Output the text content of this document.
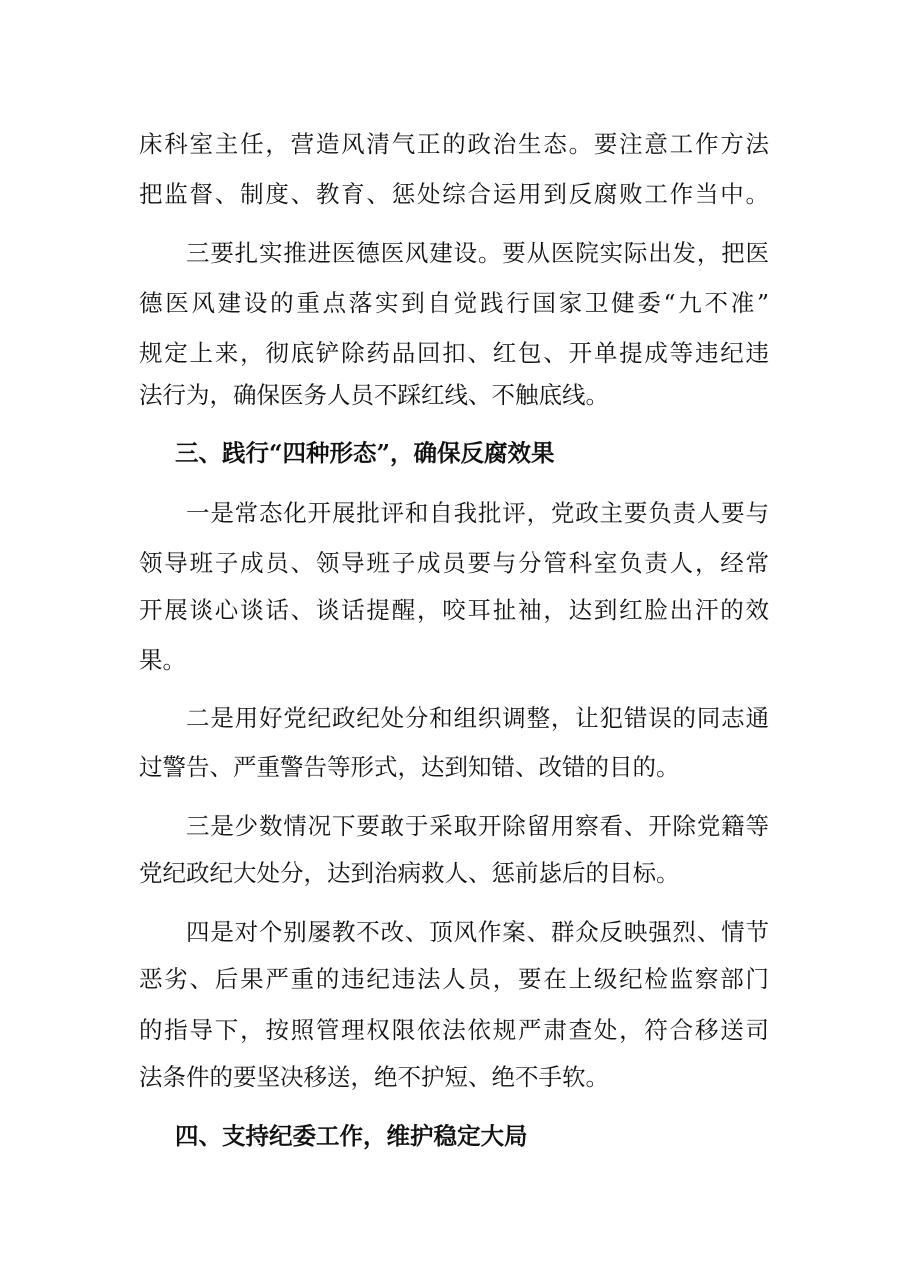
床科室主任，营造风清气正的政治生态。要注意工作方法
把监督、制度、教育、惩处综合运用到反腐败工作当中。
三要扎实推进医德医风建设。要从医院实际出发，把医
德医风建设的重点落实到自觉践行国家卫健委“九不准”
规定上来，彻底铲除药品回扣、红包、开单提成等违纪违
法行为，确保医务人员不踩红线、不触底线。
三、践行“四种形态”，确保反腐效果
一是常态化开展批评和自我批评，党政主要负责人要与
领导班子成员、领导班子成员要与分管科室负责人，经常
开展谈心谈话、谈话提醒，咬耳扯袖，达到红脸出汗的效
果。
二是用好党纪政纪处分和组织调整，让犯错误的同志通
过警告、严重警告等形式，达到知错、改错的目的。
三是少数情况下要敢于采取开除留用察看、开除党籍等
党纪政纪大处分，达到治病救人、惩前毖后的目标。
四是对个别屡教不改、顶风作案、群众反映强烈、情节
恶劣、后果严重的违纪违法人员，要在上级纪检监察部门
的指导下，按照管理权限依法依规严肃查处，符合移送司
法条件的要坚决移送，绝不护短、绝不手软。
四、支持纪委工作，维护稳定大局
